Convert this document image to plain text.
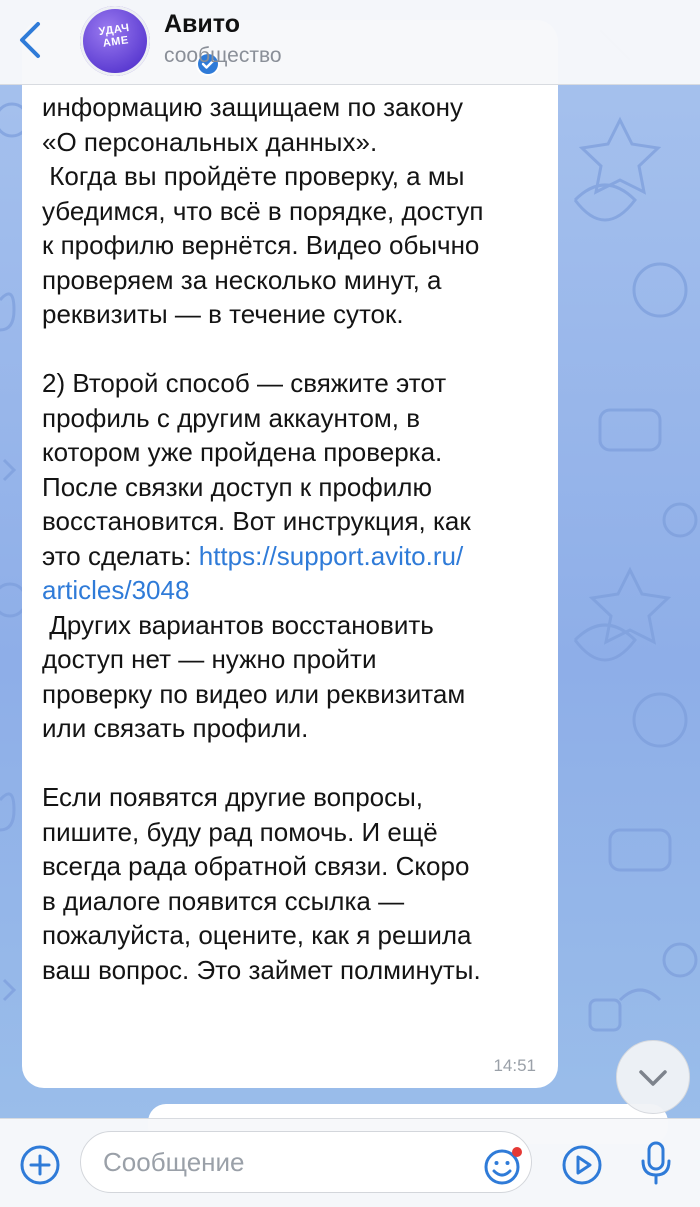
информацию защищаем по закону
«О персональных данных».
Когда вы пройдёте проверку, а мы
убедимся, что всё в порядке, доступ
к профилю вернётся. Видео обычно
проверяем за несколько минут, а
реквизиты — в течение суток.

2) Второй способ — свяжите этот
профиль с другим аккаунтом, в
котором уже пройдена проверка.
После связки доступ к профилю
восстановится. Вот инструкция, как
это сделать: https://support.avito.ru/
articles/3048
Других вариантов восстановить
доступ нет — нужно пройти
проверку по видео или реквизитам
или связать профили.

Если появятся другие вопросы,
пишите, буду рад помочь. И ещё
всегда рада обратной связи. Скоро
в диалоге появится ссылка —
пожалуйста, оцените, как я решила
ваш вопрос. Это займет полминуты.
14:51
УДАЧ АМЕ
Авито
сообщество
Сообщение
